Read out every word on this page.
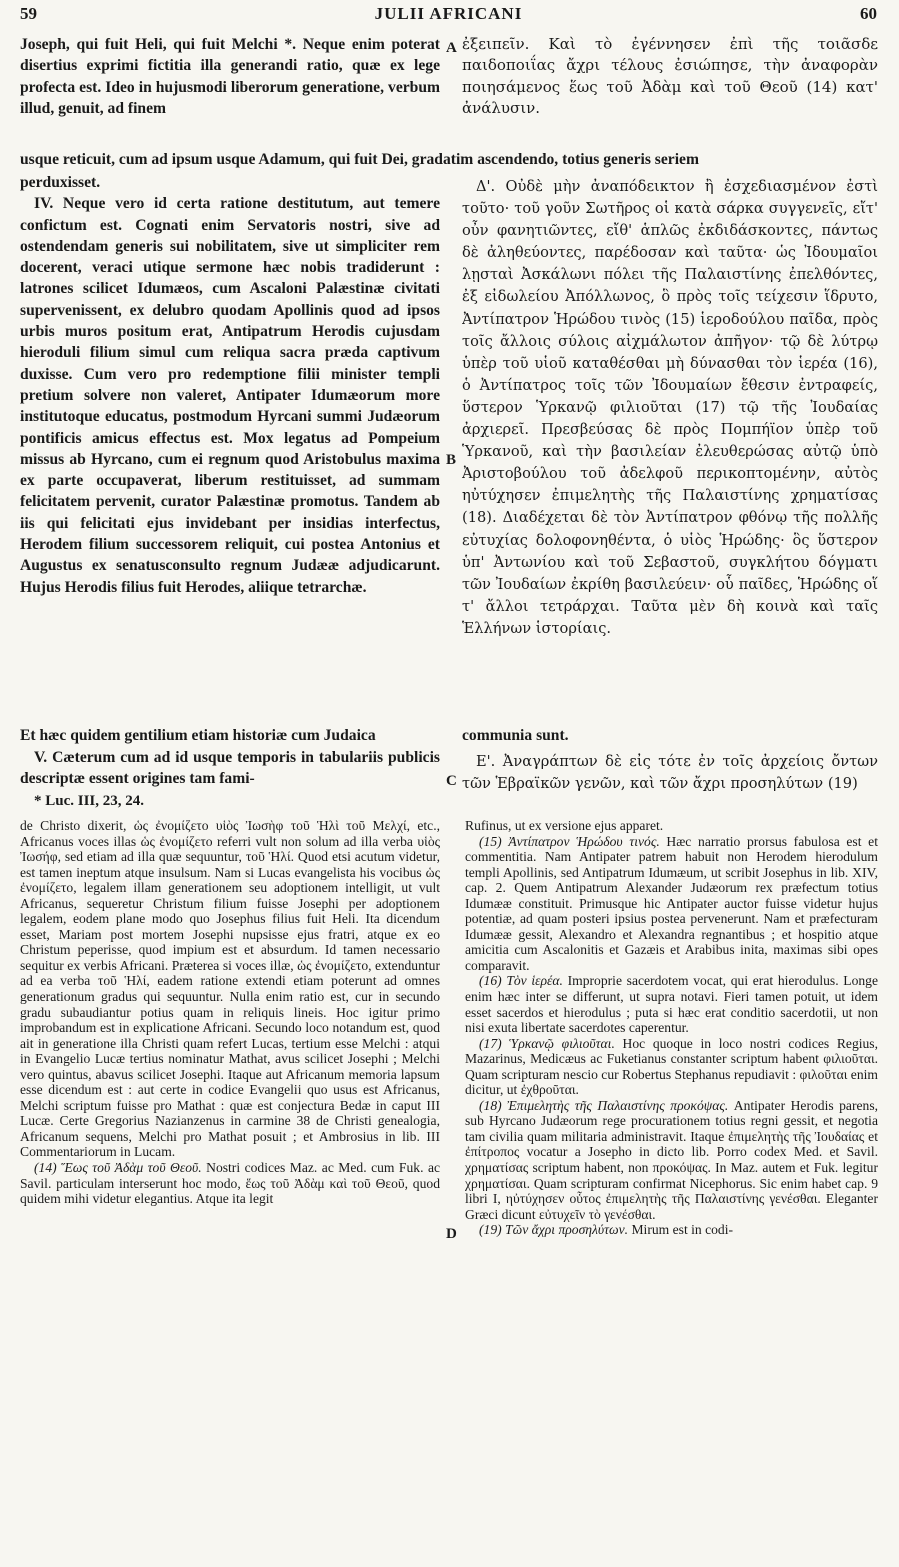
59	JULII AFRICANI	60

Joseph, qui fuit Heli, qui fuit Melchi *. Neque enim poterat disertius exprimi fictitia illa generandi ratio, quæ ex lege profecta est. Ideo in hujusmodi liberorum generatione, verbum illud, genuit, ad finem

ἐξειπεῖν. Καὶ τὸ ἐγέννησεν ἐπὶ τῆς τοιᾶσδε παιδοποιΐας ἄχρι τέλους ἐσιώπησε, τὴν ἀναφορὰν ποιησάμενος ἕως τοῦ Ἀδὰμ καὶ τοῦ Θεοῦ (14) κατ' ἀνάλυσιν.

A
usque reticuit, cum ad ipsum usque Adamum, qui fuit Dei, gradatim ascendendo, totius generis seriem

perduxisset.

IV. Neque vero id certa ratione destitutum, aut temere confictum est. Cognati enim Servatoris nostri, sive ad ostendendam generis sui nobilitatem, sive ut simpliciter rem docerent, veraci utique sermone hæc nobis tradiderunt : latrones scilicet Idumæos, cum Ascaloni Palæstinæ civitati supervenissent, ex delubro quodam Apollinis quod ad ipsos urbis muros positum erat, Antipatrum Herodis cujusdam hieroduli filium simul cum reliqua sacra præda captivum duxisse. Cum vero pro redemptione filii minister templi pretium solvere non valeret, Antipater Idumæorum more institutoque educatus, postmodum Hyrcani summi Judæorum pontificis amicus effectus est. Mox legatus ad Pompeium missus ab Hyrcano, cum ei regnum quod Aristobulus maxima ex parte occupaverat, liberum restituisset, ad summam felicitatem pervenit, curator Palæstinæ promotus. Tandem ab iis qui felicitati ejus invidebant per insidias interfectus, Herodem filium successorem reliquit, cui postea Antonius et Augustus ex senatusconsulto regnum Judææ adjudicarunt. Hujus Herodis filius fuit Herodes, aliique tetrarchæ.

Δ'. Οὐδὲ μὴν ἀναπόδεικτον ἢ ἐσχεδιασμένον ἐστὶ τοῦτο· τοῦ γοῦν Σωτῆρος οἱ κατὰ σάρκα συγγενεῖς, εἴτ' οὖν φανητιῶντες, εἴθ' ἁπλῶς ἐκδιδάσκοντες, πάντως δὲ ἀληθεύοντες, παρέδοσαν καὶ ταῦτα· ὡς Ἰδουμαῖοι λῃσταὶ Ἀσκάλωνι πόλει τῆς Παλαιστίνης ἐπελθόντες, ἐξ εἰδωλείου Ἀπόλλωνος, ὃ πρὸς τοῖς τείχεσιν ἵδρυτο, Ἀντίπατρον Ἡρώδου τινὸς (15) ἱεροδούλου παῖδα, πρὸς τοῖς ἄλλοις σύλοις αἰχμάλωτον ἀπῆγον· τῷ δὲ λύτρῳ ὑπὲρ τοῦ υἱοῦ καταθέσθαι μὴ δύνασθαι τὸν ἱερέα (16), ὁ Ἀντίπατρος τοῖς τῶν Ἰδουμαίων ἔθεσιν ἐντραφείς, ὕστερον Ὑρκανῷ φιλιοῦται (17) τῷ τῆς Ἰουδαίας ἀρχιερεῖ. Πρεσβεύσας δὲ πρὸς Πομπήϊον ὑπὲρ τοῦ Ὑρκανοῦ, καὶ τὴν βασιλείαν ἐλευθερώσας αὐτῷ ὑπὸ Ἀριστοβούλου τοῦ ἀδελφοῦ περικοπτομένην, αὐτὸς ηὐτύχησεν ἐπιμελητὴς τῆς Παλαιστίνης χρηματίσας (18). Διαδέχεται δὲ τὸν Ἀντίπατρον φθόνῳ τῆς πολλῆς εὐτυχίας δολοφονηθέντα, ὁ υἱὸς Ἡρώδης· ὃς ὕστερον ὑπ' Ἀντωνίου καὶ τοῦ Σεβαστοῦ, συγκλήτου δόγματι τῶν Ἰουδαίων ἐκρίθη βασιλεύειν· οὗ παῖδες, Ἡρώδης οἵ τ' ἄλλοι τετράρχαι. Ταῦτα μὲν δὴ κοινὰ καὶ ταῖς Ἑλλήνων ἱστορίαις.

B
Et hæc quidem gentilium etiam historiæ cum Judaica	communia sunt.

V. Cæterum cum ad id usque temporis in tabulariis publicis descriptæ essent origines tam fami-

* Luc. III, 23, 24.

Ε'. Ἀναγράπτων δὲ εἰς τότε ἐν τοῖς ἀρχείοις ὄντων τῶν Ἑβραϊκῶν γενῶν, καὶ τῶν ἄχρι προσηλύτων (19)

C

de Christo dixerit, ὡς ἐνομίζετο υἱὸς Ἰωσὴφ τοῦ Ἡλὶ τοῦ Μελχί, etc., Africanus voces illas ὡς ἐνομίζετο referri vult non solum ad illa verba υἱὸς Ἰωσήφ, sed etiam ad illa quæ sequuntur, τοῦ Ἡλί. Quod etsi acutum videtur, est tamen ineptum atque insulsum. Nam si Lucas evangelista his vocibus ὡς ἐνομίζετο, legalem illam generationem seu adoptionem intelligit, ut vult Africanus, sequeretur Christum filium fuisse Josephi per adoptionem legalem, eodem plane modo quo Josephus filius fuit Heli. Ita dicendum esset, Mariam post mortem Josephi nupsisse ejus fratri, atque ex eo Christum peperisse, quod impium est et absurdum. Id tamen necessario sequitur ex verbis Africani. Præterea si voces illæ, ὡς ἐνομίζετο, extenduntur ad ea verba τοῦ Ἡλί, eadem ratione extendi etiam poterunt ad omnes generationum gradus qui sequuntur. Nulla enim ratio est, cur in secundo gradu subaudiantur potius quam in reliquis lineis. Hoc igitur primo improbandum est in explicatione Africani. Secundo loco notandum est, quod ait in generatione illa Christi quam refert Lucas, tertium esse Melchi : atqui in Evangelio Lucæ tertius nominatur Mathat, avus scilicet Josephi ; Melchi vero quintus, abavus scilicet Josephi. Itaque aut Africanum memoria lapsum esse dicendum est : aut certe in codice Evangelii quo usus est Africanus, Melchi scriptum fuisse pro Mathat : quæ est conjectura Bedæ in caput III Lucæ. Certe Gregorius Nazianzenus in carmine 38 de Christi genealogia, Africanum sequens, Melchi pro Mathat posuit ; et Ambrosius in lib. III Commentariorum in Lucam.

(14) Ἕως τοῦ Ἀδὰμ τοῦ Θεοῦ. Nostri codices Maz. ac Med. cum Fuk. ac Savil. particulam interserunt hoc modo, ἕως τοῦ Ἀδὰμ καὶ τοῦ Θεοῦ, quod quidem mihi videtur elegantius. Atque ita legit

Rufinus, ut ex versione ejus apparet.

(15) Ἀντίπατρον Ἡρώδου τινός. Hæc narratio prorsus fabulosa est et commentitia. Nam Antipater patrem habuit non Herodem hierodulum templi Apollinis, sed Antipatrum Idumæum, ut scribit Josephus in lib. XIV, cap. 2. Quem Antipatrum Alexander Judæorum rex præfectum totius Idumææ constituit. Primusque hic Antipater auctor fuisse videtur hujus potentiæ, ad quam posteri ipsius postea pervenerunt. Nam et præfecturam Idumææ gessit, Alexandro et Alexandra regnantibus ; et hospitio atque amicitia cum Ascalonitis et Gazæis et Arabibus inita, maximas sibi opes comparavit.

(16) Τὸν ἱερέα. Improprie sacerdotem vocat, qui erat hierodulus. Longe enim hæc inter se differunt, ut supra notavi. Fieri tamen potuit, ut idem esset sacerdos et hierodulus ; puta si hæc erat conditio sacerdotii, ut non nisi exuta libertate sacerdotes caperentur.

(17) Ὑρκανῷ φιλιοῦται. Hoc quoque in loco nostri codices Regius, Mazarinus, Medicæus ac Fuketianus constanter scriptum habent φιλιοῦται. Quam scripturam nescio cur Robertus Stephanus repudiavit : φιλοῦται enim dicitur, ut ἐχθροῦται.

(18) Ἐπιμελητὴς τῆς Παλαιστίνης προκόψας. Antipater Herodis parens, sub Hyrcano Judæorum rege procurationem totius regni gessit, et negotia tam civilia quam militaria administravit. Itaque ἐπιμελητὴς τῆς Ἰουδαίας et ἐπίτροπος vocatur a Josepho in dicto lib. Porro codex Med. et Savil. χρηματίσας scriptum habent, non προκόψας. In Maz. autem et Fuk. legitur χρηματίσαι. Quam scripturam confirmat Nicephorus. Sic enim habet cap. 9 libri I, ηὐτύχησεν οὗτος ἐπιμελητὴς τῆς Παλαιστίνης γενέσθαι. Eleganter Græci dicunt εὐτυχεῖν τὸ γενέσθαι.

(19) Τῶν ἄχρι προσηλύτων. Mirum est in codi-

D
